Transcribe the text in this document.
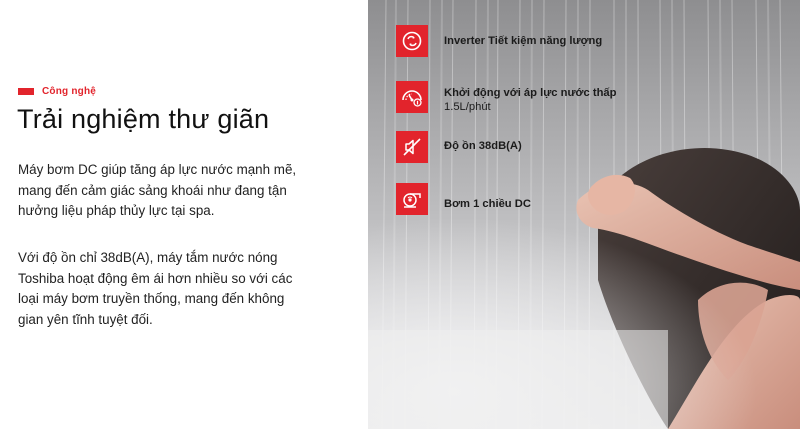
Công nghệ
Trải nghiệm thư giãn

Máy bơm DC giúp tăng áp lực nước mạnh mẽ, mang đến cảm giác sảng khoái như đang tận hưởng liệu pháp thủy lực tại spa.

Với độ ồn chỉ 38dB(A), máy tắm nước nóng Toshiba hoạt động êm ái hơn nhiều so với các loại máy bơm truyền thống, mang đến không gian yên tĩnh tuyệt đối.

Inverter Tiết kiệm năng lượng
Khởi động với áp lực nước thấp
1.5L/phút
Độ ồn 38dB(A)
Bơm 1 chiều DC
